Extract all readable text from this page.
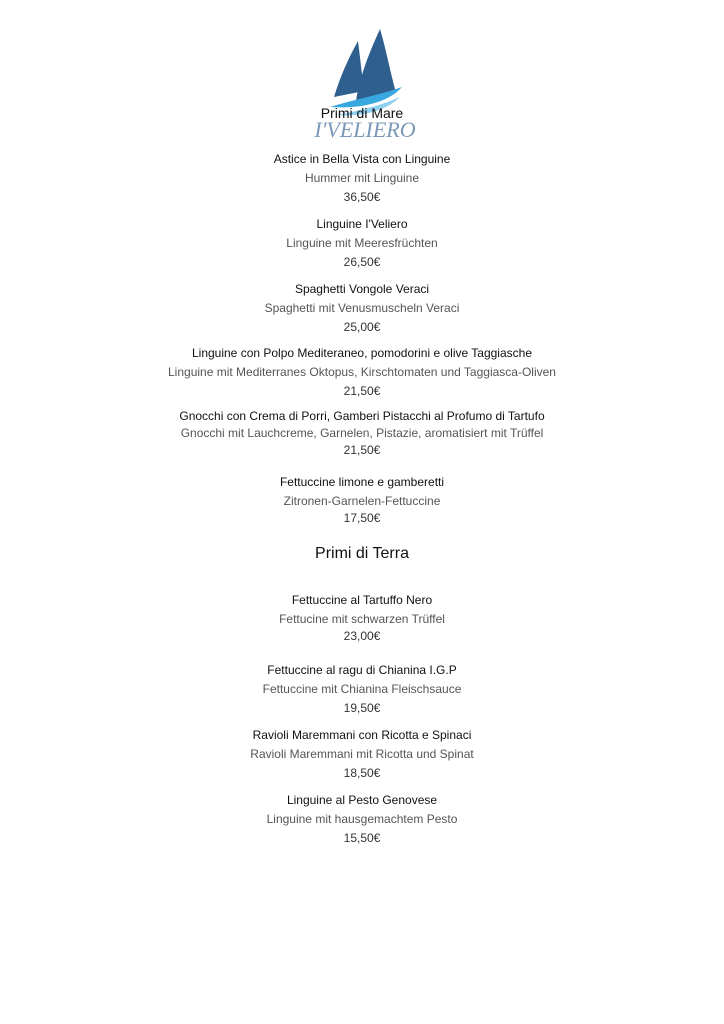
I'VELIERO
Primi di Mare
Astice in Bella Vista con Linguine
Hummer mit Linguine
36,50€
Linguine I'Veliero
Linguine mit Meeresfrüchten
26,50€
Spaghetti Vongole Veraci
Spaghetti mit Venusmuscheln Veraci
25,00€
Linguine con Polpo Mediteraneo, pomodorini e olive Taggiasche
Linguine mit Mediterranes Oktopus, Kirschtomaten und Taggiasca-Oliven
21,50€
Gnocchi con Crema di Porri, Gamberi Pistacchi al Profumo di Tartufo
Gnocchi mit Lauchcreme, Garnelen, Pistazie, aromatisiert mit Trüffel
21,50€
Fettuccine limone e gamberetti
Zitronen-Garnelen-Fettuccine
17,50€
Primi di Terra
Fettuccine al Tartuffo Nero
Fettucine mit schwarzen Trüffel
23,00€
Fettuccine al ragu di Chianina I.G.P
Fettuccine mit Chianina Fleischsauce
19,50€
Ravioli Maremmani con Ricotta e Spinaci
Ravioli Maremmani mit Ricotta und Spinat
18,50€
Linguine al Pesto Genovese
Linguine mit hausgemachtem Pesto
15,50€
